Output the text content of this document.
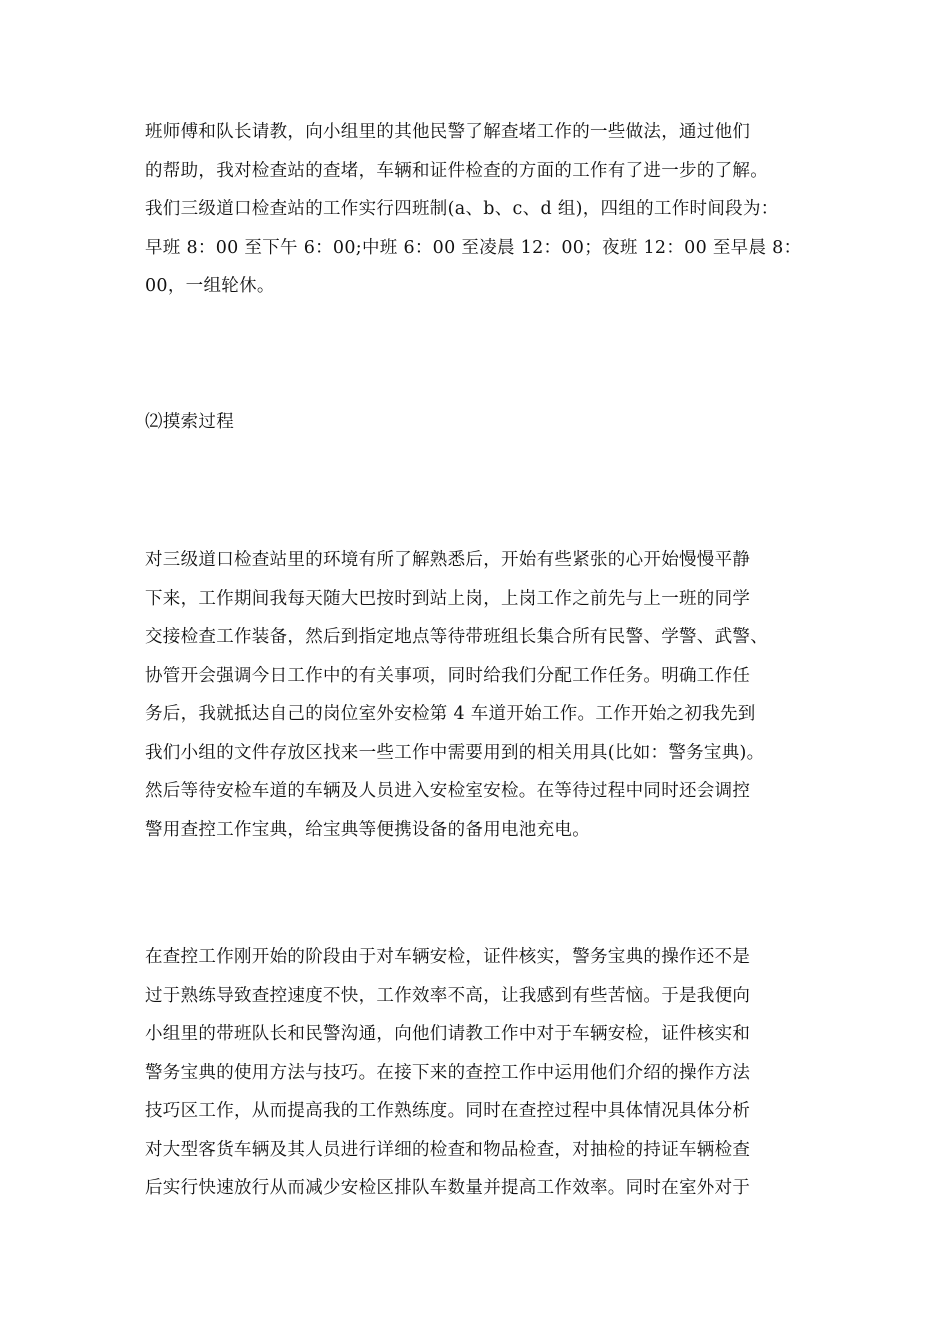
班师傅和队长请教，向小组里的其他民警了解查堵工作的一些做法，通过他们
的帮助，我对检查站的查堵，车辆和证件检查的方面的工作有了进一步的了解。
我们三级道口检查站的工作实行四班制(a、b、c、d 组)，四组的工作时间段为：
早班 8：00 至下午 6：00;中班 6：00 至凌晨 12：00；夜班 12：00 至早晨 8：
00，一组轮休。

⑵摸索过程

对三级道口检查站里的环境有所了解熟悉后，开始有些紧张的心开始慢慢平静
下来，工作期间我每天随大巴按时到站上岗，上岗工作之前先与上一班的同学
交接检查工作装备，然后到指定地点等待带班组长集合所有民警、学警、武警、
协管开会强调今日工作中的有关事项，同时给我们分配工作任务。明确工作任
务后，我就抵达自己的岗位室外安检第 4 车道开始工作。工作开始之初我先到
我们小组的文件存放区找来一些工作中需要用到的相关用具(比如：警务宝典)。
然后等待安检车道的车辆及人员进入安检室安检。在等待过程中同时还会调控
警用查控工作宝典，给宝典等便携设备的备用电池充电。

在查控工作刚开始的阶段由于对车辆安检，证件核实，警务宝典的操作还不是
过于熟练导致查控速度不快，工作效率不高，让我感到有些苦恼。于是我便向
小组里的带班队长和民警沟通，向他们请教工作中对于车辆安检，证件核实和
警务宝典的使用方法与技巧。在接下来的查控工作中运用他们介绍的操作方法
技巧区工作，从而提高我的工作熟练度。同时在查控过程中具体情况具体分析
对大型客货车辆及其人员进行详细的检查和物品检查，对抽检的持证车辆检查
后实行快速放行从而减少安检区排队车数量并提高工作效率。同时在室外对于
